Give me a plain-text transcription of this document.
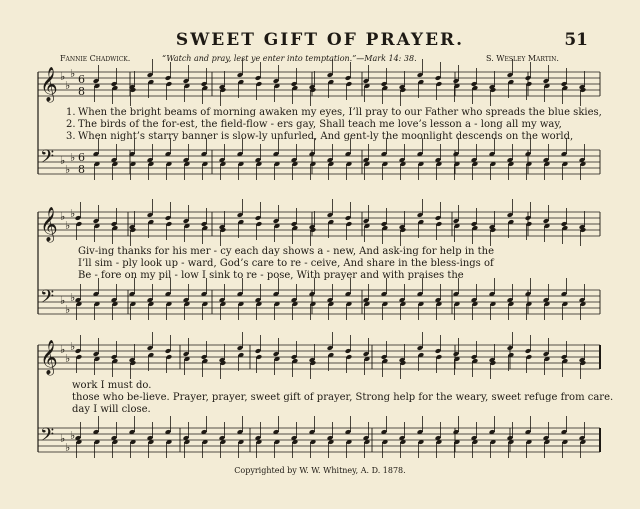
SWEET GIFT OF PRAYER.	51
Fannie Chadwick.	“Watch and pray, lest ye enter into temptation.”—Mark 14: 38.	S. Wesley Martin.
𝄞
𝄢
♭
♭
♭
♭
♭
♭
6
8
6
8
𝄞
𝄢
♭
♭
♭
♭
♭
♭
𝄞
𝄢
♭
♭
♭
♭
♭
♭
1. When the bright beams of morning awaken my eyes, I’ll pray to our Father who spreads the blue skies,
2. The birds of the for-est, the field-flow - ers gay, Shall teach me love’s lesson a - long all my way,
3. When night’s starry banner is slow-ly unfurled, And gent-ly the moonlight descends on the world,
Giv-ing thanks for his mer - cy each day shows a - new, And ask-ing for help in the
I’ll sim - ply look up - ward, God’s care to re - ceive, And share in the bless-ings of
Be - fore on my pil - low I sink to re - pose, With prayer and with praises the
work I must do.
those who be-lieve. Prayer, prayer, sweet gift of prayer, Strong help for the weary, sweet refuge from care.
day I will close.
Copyrighted by W. W. Whitney, A. D. 1878.
